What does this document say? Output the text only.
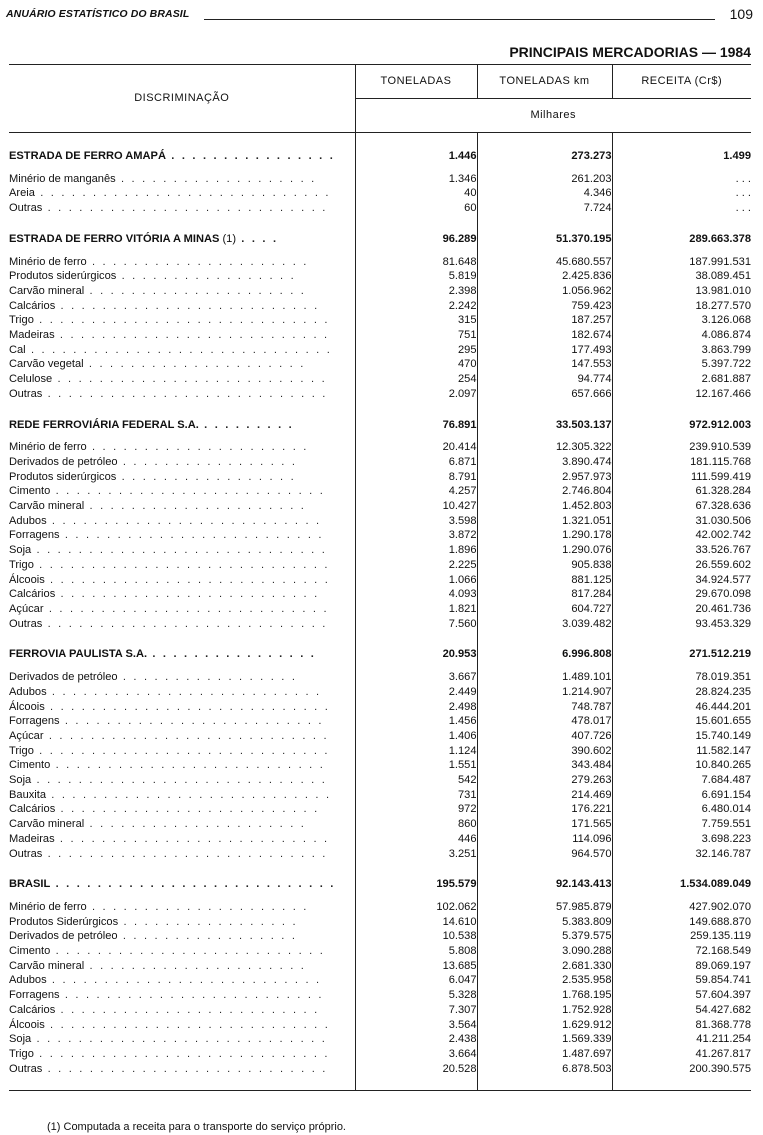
ANUÁRIO ESTATÍSTICO DO BRASIL	109
PRINCIPAIS MERCADORIAS — 1984
DISCRIMINAÇÃO	TONELADAS	TONELADAS km	RECEITA (Cr$)
	Milhares		

ESTRADA DE FERRO AMAPÁ . . . . . . . . . . . . . . . .	1.446	273.273	1.499

Minério de manganês . . . . . . . . . . . . . . . . . . .	1.346	261.203	. . .
Areia . . . . . . . . . . . . . . . . . . . . . . . . . . . .	40	4.346	. . .
Outras . . . . . . . . . . . . . . . . . . . . . . . . . . .	60	7.724	. . .

ESTRADA DE FERRO VITÓRIA A MINAS (1) . . . .	96.289	51.370.195	289.663.378

Minério de ferro . . . . . . . . . . . . . . . . . . . . .	81.648	45.680.557	187.991.531
Produtos siderúrgicos . . . . . . . . . . . . . . . . .	5.819	2.425.836	38.089.451
Carvão mineral . . . . . . . . . . . . . . . . . . . . .	2.398	1.056.962	13.981.010
Calcários . . . . . . . . . . . . . . . . . . . . . . . . .	2.242	759.423	18.277.570
Trigo . . . . . . . . . . . . . . . . . . . . . . . . . . . .	315	187.257	3.126.068
Madeiras . . . . . . . . . . . . . . . . . . . . . . . . . .	751	182.674	4.086.874
Cal . . . . . . . . . . . . . . . . . . . . . . . . . . . . .	295	177.493	3.863.799
Carvão vegetal . . . . . . . . . . . . . . . . . . . . .	470	147.553	5.397.722
Celulose . . . . . . . . . . . . . . . . . . . . . . . . . .	254	94.774	2.681.887
Outras . . . . . . . . . . . . . . . . . . . . . . . . . . .	2.097	657.666	12.167.466

REDE FERROVIÁRIA FEDERAL S.A. . . . . . . . . .	76.891	33.503.137	972.912.003

Minério de ferro . . . . . . . . . . . . . . . . . . . . .	20.414	12.305.322	239.910.539
Derivados de petróleo . . . . . . . . . . . . . . . . .	6.871	3.890.474	181.115.768
Produtos siderúrgicos . . . . . . . . . . . . . . . . .	8.791	2.957.973	111.599.419
Cimento . . . . . . . . . . . . . . . . . . . . . . . . . .	4.257	2.746.804	61.328.284
Carvão mineral . . . . . . . . . . . . . . . . . . . . .	10.427	1.452.803	67.328.636
Adubos . . . . . . . . . . . . . . . . . . . . . . . . . .	3.598	1.321.051	31.030.506
Forragens . . . . . . . . . . . . . . . . . . . . . . . . .	3.872	1.290.178	42.002.742
Soja . . . . . . . . . . . . . . . . . . . . . . . . . . . .	1.896	1.290.076	33.526.767
Trigo . . . . . . . . . . . . . . . . . . . . . . . . . . . .	2.225	905.838	26.559.602
Álcoois . . . . . . . . . . . . . . . . . . . . . . . . . . .	1.066	881.125	34.924.577
Calcários . . . . . . . . . . . . . . . . . . . . . . . . .	4.093	817.284	29.670.098
Açúcar . . . . . . . . . . . . . . . . . . . . . . . . . . .	1.821	604.727	20.461.736
Outras . . . . . . . . . . . . . . . . . . . . . . . . . . .	7.560	3.039.482	93.453.329

FERROVIA PAULISTA S.A. . . . . . . . . . . . . . . . .	20.953	6.996.808	271.512.219

Derivados de petróleo . . . . . . . . . . . . . . . . .	3.667	1.489.101	78.019.351
Adubos . . . . . . . . . . . . . . . . . . . . . . . . . .	2.449	1.214.907	28.824.235
Álcoois . . . . . . . . . . . . . . . . . . . . . . . . . . .	2.498	748.787	46.444.201
Forragens . . . . . . . . . . . . . . . . . . . . . . . . .	1.456	478.017	15.601.655
Açúcar . . . . . . . . . . . . . . . . . . . . . . . . . . .	1.406	407.726	15.740.149
Trigo . . . . . . . . . . . . . . . . . . . . . . . . . . . .	1.124	390.602	11.582.147
Cimento . . . . . . . . . . . . . . . . . . . . . . . . . .	1.551	343.484	10.840.265
Soja . . . . . . . . . . . . . . . . . . . . . . . . . . . .	542	279.263	7.684.487
Bauxita . . . . . . . . . . . . . . . . . . . . . . . . . . .	731	214.469	6.691.154
Calcários . . . . . . . . . . . . . . . . . . . . . . . . .	972	176.221	6.480.014
Carvão mineral . . . . . . . . . . . . . . . . . . . . .	860	171.565	7.759.551
Madeiras . . . . . . . . . . . . . . . . . . . . . . . . . .	446	114.096	3.698.223
Outras . . . . . . . . . . . . . . . . . . . . . . . . . . .	3.251	964.570	32.146.787

BRASIL . . . . . . . . . . . . . . . . . . . . . . . . . . .	195.579	92.143.413	1.534.089.049

Minério de ferro . . . . . . . . . . . . . . . . . . . . .	102.062	57.985.879	427.902.070
Produtos Siderúrgicos . . . . . . . . . . . . . . . . .	14.610	5.383.809	149.688.870
Derivados de petróleo . . . . . . . . . . . . . . . . .	10.538	5.379.575	259.135.119
Cimento . . . . . . . . . . . . . . . . . . . . . . . . . .	5.808	3.090.288	72.168.549
Carvão mineral . . . . . . . . . . . . . . . . . . . . .	13.685	2.681.330	89.069.197
Adubos . . . . . . . . . . . . . . . . . . . . . . . . . .	6.047	2.535.958	59.854.741
Forragens . . . . . . . . . . . . . . . . . . . . . . . . .	5.328	1.768.195	57.604.397
Calcários . . . . . . . . . . . . . . . . . . . . . . . . .	7.307	1.752.928	54.427.682
Álcoois . . . . . . . . . . . . . . . . . . . . . . . . . . .	3.564	1.629.912	81.368.778
Soja . . . . . . . . . . . . . . . . . . . . . . . . . . . .	2.438	1.569.339	41.211.254
Trigo . . . . . . . . . . . . . . . . . . . . . . . . . . . .	3.664	1.487.697	41.267.817
Outras . . . . . . . . . . . . . . . . . . . . . . . . . . .	20.528	6.878.503	200.390.575

(1) Computada a receita para o transporte do serviço próprio.
